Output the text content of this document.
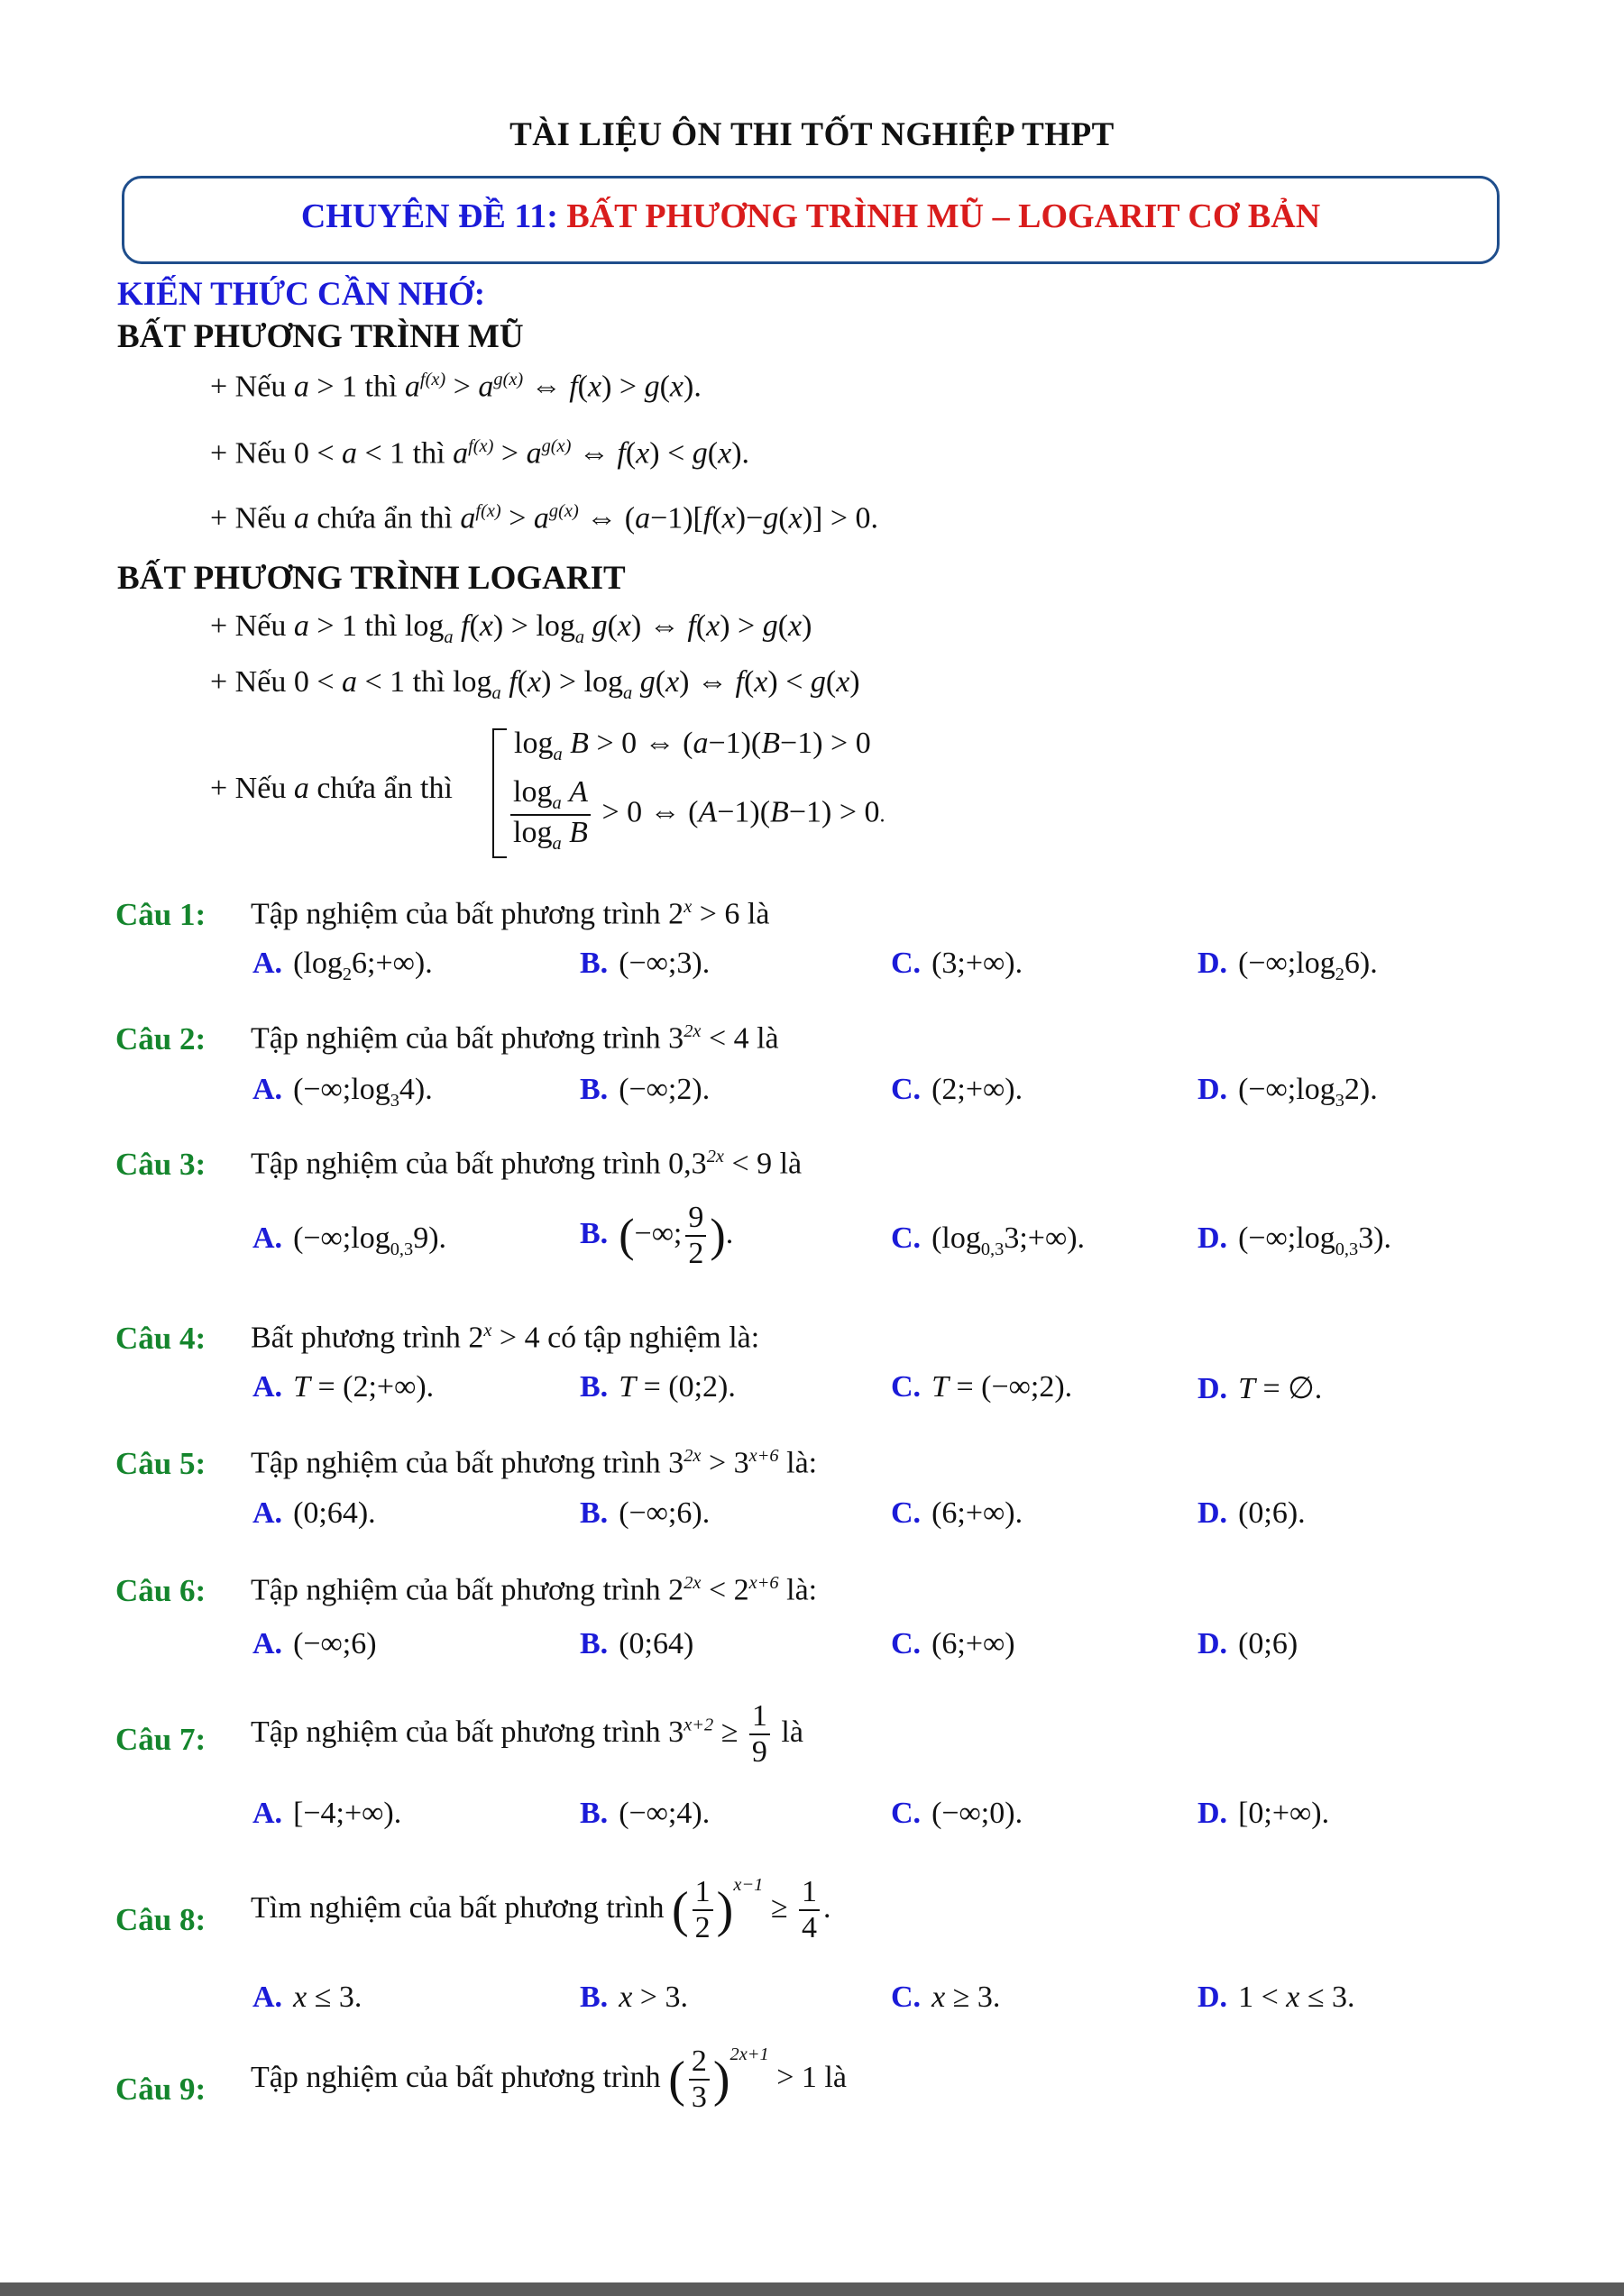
TÀI LIỆU ÔN THI TỐT NGHIỆP THPT
CHUYÊN ĐỀ 11: BẤT PHƯƠNG TRÌNH MŨ – LOGARIT CƠ BẢN
KIẾN THỨC CẦN NHỚ:
BẤT PHƯƠNG TRÌNH MŨ
+ Nếu a > 1 thì $a^{f(x)} > a^{g(x)}$ ⇔ f(x) > g(x).
+ Nếu 0 < a < 1 thì $a^{f(x)} > a^{g(x)}$ ⇔ f(x) < g(x).
+ Nếu a chứa ẩn thì $a^{f(x)} > a^{g(x)}$ ⇔ (a−1)[f(x)−g(x)] > 0.
BẤT PHƯƠNG TRÌNH LOGARIT
+ Nếu a > 1 thì $\log_a f(x) > \log_a g(x)$ ⇔ f(x) > g(x)
+ Nếu 0 < a < 1 thì $\log_a f(x) > \log_a g(x)$ ⇔ f(x) < g(x)
+ Nếu a chứa ẩn thì
$\log_a B > 0$ ⇔ (a−1)(B−1) > 0
$\frac{\log_a A}{\log_a B} > 0$ ⇔ (A−1)(B−1) > 0.
Câu 1: Tập nghiệm của bất phương trình $2^x > 6$ là
A. $(\log_26;+\infty)$.	B. (−∞;3).	C. (3;+∞).	D. $(-\infty;\log_26)$.
Câu 2: Tập nghiệm của bất phương trình $3^{2x} < 4$ là
A. $(-\infty;\log_34)$.	B. (−∞;2).	C. (2;+∞).	D. $(-\infty;\log_32)$.
Câu 3: Tập nghiệm của bất phương trình $0,3^{2x} < 9$ là
A. $(-\infty;\log_{0,3}9)$.	B. (−∞; $\frac{9}{2}$ ).	C. $(\log_{0,3}3;+\infty)$.	D. $(-\infty;\log_{0,3}3)$.
Câu 4: Bất phương trình $2^x > 4$ có tập nghiệm là:
A. T = (2;+∞).	B. T = (0;2).	C. T = (−∞;2).	D. T = ∅.
Câu 5: Tập nghiệm của bất phương trình $3^{2x} > 3^{x+6}$ là:
A. (0;64).	B. (−∞;6).	C. (6;+∞).	D. (0;6).
Câu 6: Tập nghiệm của bất phương trình $2^{2x} < 2^{x+6}$ là:
A. (−∞;6)	B. (0;64)	C. (6;+∞)	D. (0;6)
Câu 7: Tập nghiệm của bất phương trình $3^{x+2} \ge \frac{1}{9}$ là
A. [−4;+∞).	B. (−∞;4).	C. (−∞;0).	D. [0;+∞).
Câu 8: Tìm nghiệm của bất phương trình ( $\frac{1}{2} )^{x-1} \ge \frac{1}{4}$ .
A. x ≤ 3.	B. x > 3.	C. x ≥ 3.	D. 1 < x ≤ 3.
Câu 9: Tập nghiệm của bất phương trình ( $\frac{2}{3} )^{2x+1} > 1$ là
